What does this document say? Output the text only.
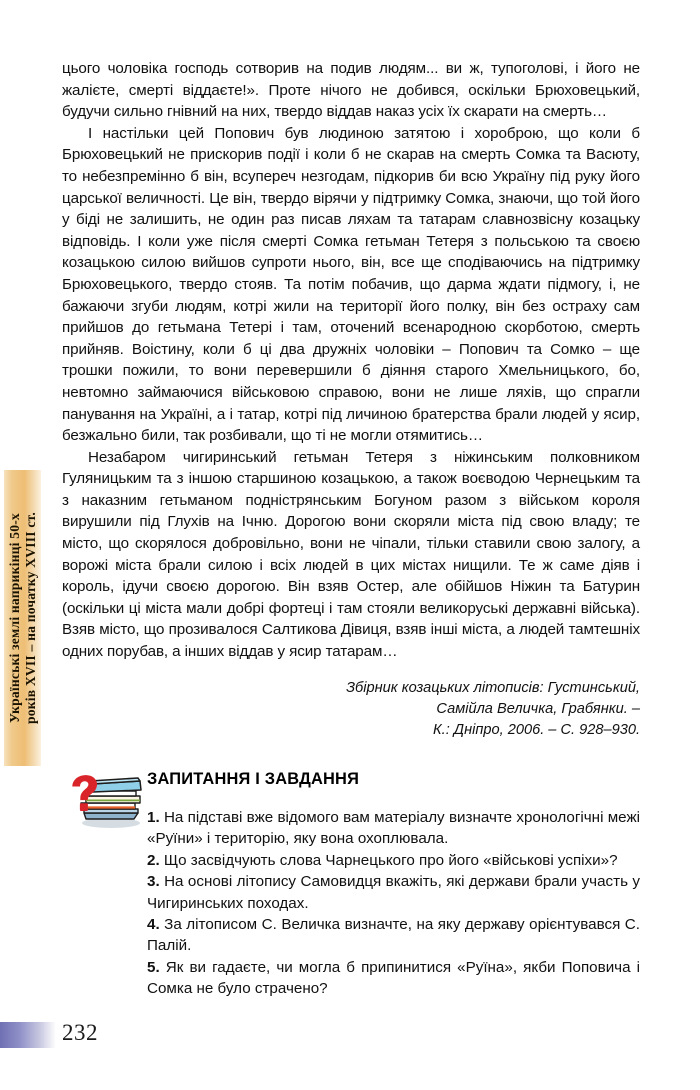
Українські землі наприкінці 50-х років XVII – на початку XVIII ст.

цього чоловіка господь сотворив на подив людям... ви ж, тупоголові, і його не жалієте, смерті віддаєте!». Проте нічого не добився, оскільки Брюховецький, будучи сильно гнівний на них, твердо віддав наказ усіх їх скарати на смерть…

І настільки цей Попович був людиною затятою і хороброю, що коли б Брюховецький не прискорив події і коли б не скарав на смерть Сомка та Васюту, то небезпремінно б він, всупереч незгодам, підкорив би всю Україну під руку його царської величності. Це він, твердо вірячи у підтримку Сомка, знаючи, що той його у біді не залишить, не один раз писав ляхам та татарам славнозвісну козацьку відповідь. І коли уже після смерті Сомка гетьман Тетеря з польською та своєю козацькою силою вийшов супроти нього, він, все ще сподіваючись на підтримку Брюховецького, твердо стояв. Та потім побачив, що дарма ждати підмогу, і, не бажаючи згуби людям, котрі жили на території його полку, він без остраху сам прийшов до гетьмана Тетері і там, оточений всенародною скорботою, смерть прийняв. Воістину, коли б ці два дружніх чоловіки – Попович та Сомко – ще трошки пожили, то вони перевершили б діяння старого Хмельницького, бо, невтомно займаючися військовою справою, вони не лише ляхів, що спрагли панування на Україні, а і татар, котрі під личиною братерства брали людей у ясир, безжально били, так розбивали, що ті не могли отямитись…

Незабаром чигиринський гетьман Тетеря з ніжинським полковником Гуляницьким та з іншою старшиною козацькою, а також воєводою Чернецьким та з наказним гетьманом подністрянським Богуном разом з військом короля вирушили під Глухів на Ічню. Дорогою вони скоряли міста під свою владу; те місто, що скорялося добровільно, вони не чіпали, тільки ставили свою залогу, а ворожі міста брали силою і всіх людей в цих містах нищили. Те ж саме діяв і король, ідучи своєю дорогою. Він взяв Остер, але обійшов Ніжин та Батурин (оскільки ці міста мали добрі фортеці і там стояли великоруські державні війська). Взяв місто, що прозивалося Салтикова Дівиця, взяв інші міста, а людей тамтешніх одних порубав, а інших віддав у ясир татарам…

Збірник козацьких літописів: Густинський,
Самійла Величка, Грабянки. –
К.: Дніпро, 2006. – С. 928–930.

ЗАПИТАННЯ І ЗАВДАННЯ

1. На підставі вже відомого вам матеріалу визначте хронологічні межі «Руїни» і територію, яку вона охоплювала.

2. Що засвідчують слова Чарнецького про його «військові успіхи»?

3. На основі літопису Самовидця вкажіть, які держави брали участь у Чигиринських походах.

4. За літописом С. Величка визначте, на яку державу орієнтувався С. Палій.

5. Як ви гадаєте, чи могла б припинитися «Руїна», якби Поповича і Сомка не було страчено?

232
